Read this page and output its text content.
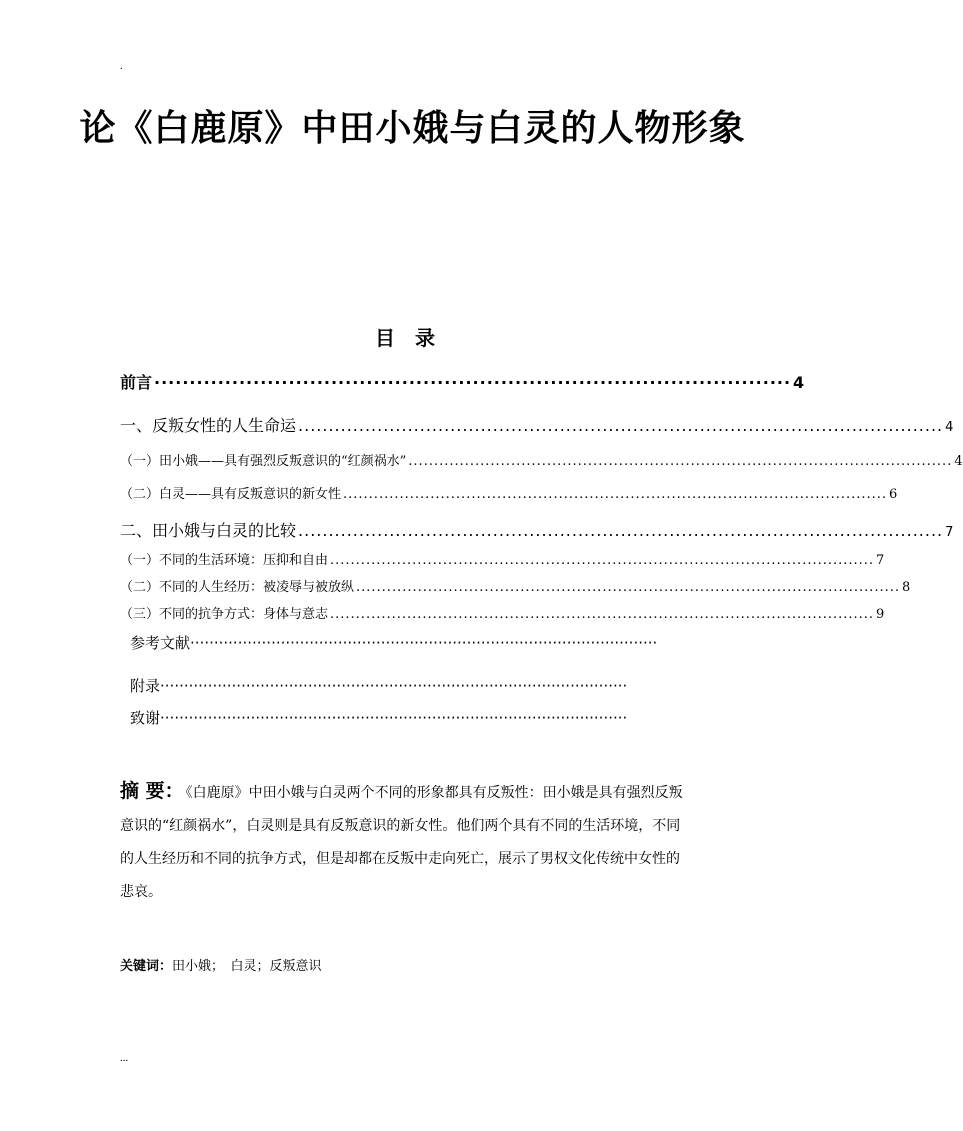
.
论《白鹿原》中田小娥与白灵的人物形象
目　录
前言 ·························································································· 4
一、反叛女性的人生命运 .......................................................................................................... 4
（一）田小娥——具有强烈反叛意识的“红颜祸水” .......................................................................................................... 4
（二）白灵——具有反叛意识的新女性 .......................................................................................................... 6
二、田小娥与白灵的比较 .......................................................................................................... 7
（一）不同的生活环境：压抑和自由 .......................................................................................................... 7
（二）不同的人生经历：被凌辱与被放纵 .......................................................................................................... 8
（三）不同的抗争方式：身体与意志 .......................................................................................................... 9
参考文献··································································································
附录··································································································
致谢··································································································
摘 要： 《白鹿原》中田小娥与白灵两个不同的形象都具有反叛性：田小娥是具有强烈反叛意识的“红颜祸水”，白灵则是具有反叛意识的新女性。他们两个具有不同的生活环境，不同的人生经历和不同的抗争方式，但是却都在反叛中走向死亡，展示了男权文化传统中女性的悲哀。
关键词：田小娥；　白灵；反叛意识
...
